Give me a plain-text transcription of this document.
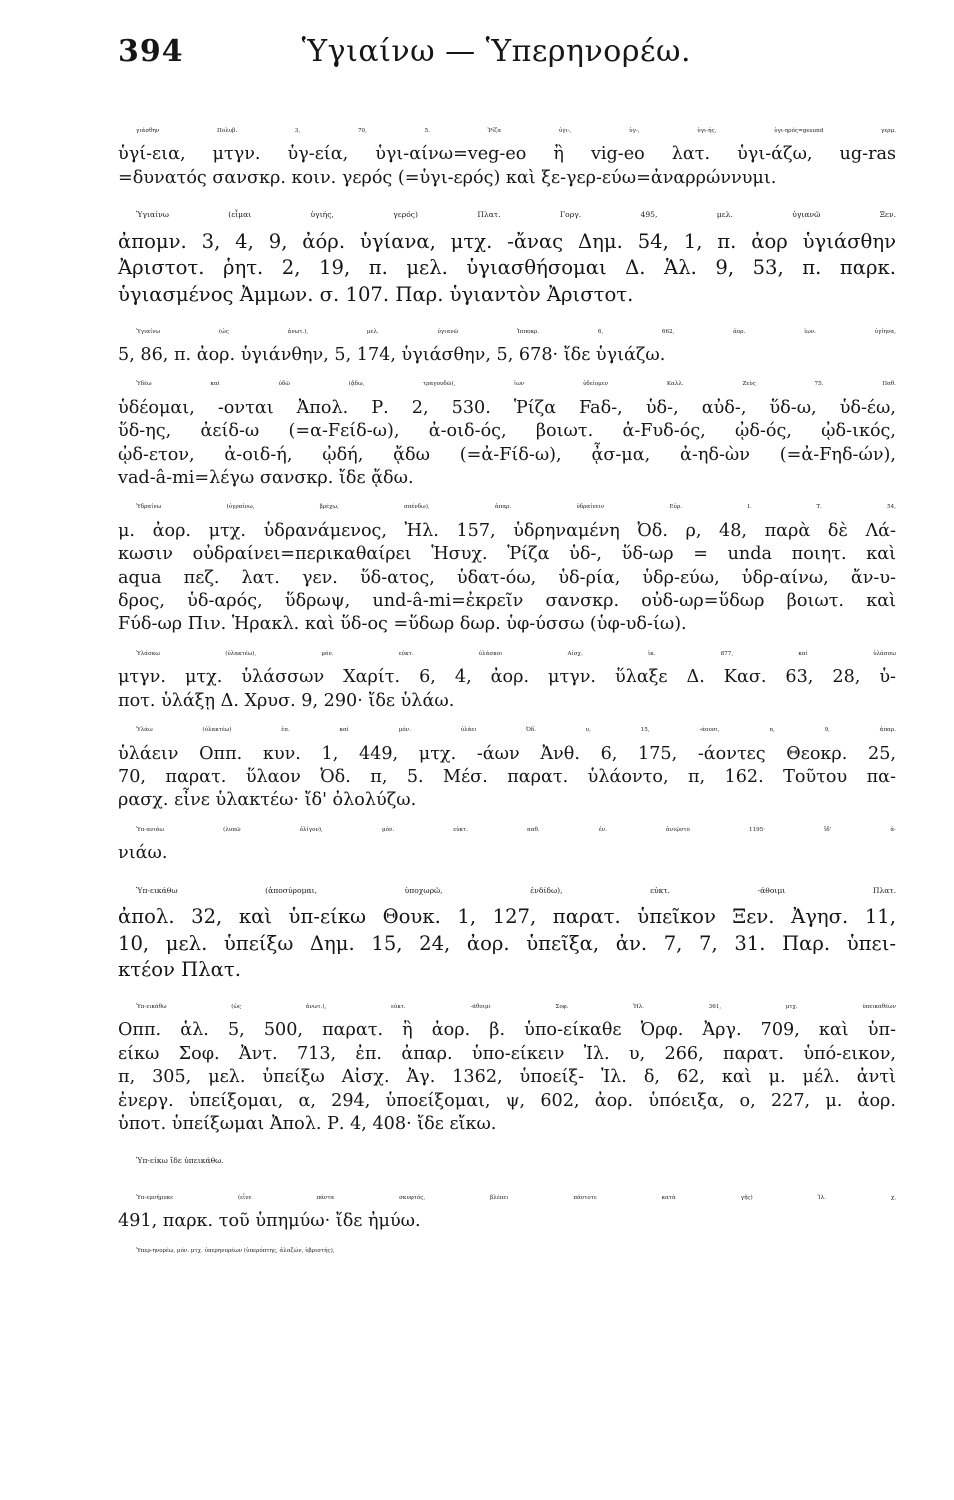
394	Ὑγιαίνω — Ὑπερηνορέω.
γιάσθην Πολυβ. 3, 70, 5. Ῥίζα ὑγι-, ὑγ-, ὑγι-ής, ὑγι-ηρός=gesund γερμ.
ὑγί-εια, μτγν. ὑγ-εία, ὑγι-αίνω=veg-eo ἢ vig-eo λατ. ὑγι-άζω, ug-ras
=δυνατός σανσκρ. κοιν. γερός (=ὑγι-ερός) καὶ ξε-γερ-εύω=ἀναρρώννυμι.
Ὑγιαίνω (εἶμαι ὑγιής, γερός) Πλατ. Γοργ. 495, μελ. ὑγιανῶ Ξεν.
ἀπομν. 3, 4, 9, ἀόρ. ὑγίανα, μτχ. -ἄνας Δημ. 54, 1, π. ἀορ ὑγιάσθην
Ἀριστοτ. ῥητ. 2, 19, π. μελ. ὑγιασθήσομαι Δ. Ἁλ. 9, 53, π. παρκ.
ὑγιασμένος Ἀμμων. σ. 107. Παρ. ὑγιαντὸν Ἀριστοτ.
Ὑγιαίνω (ὡς ἀνωτ.), μελ. ὑγιανῶ Ἱπποκρ. 6, 662, ἀορ. ἰων. ὑγίηνα,
5, 86, π. ἀορ. ὑγιάνθην, 5, 174, ὑγιάσθην, 5, 678· ἴδε ὑγιάζω.
Ὑδέω καὶ ὑδῶ (ᾄδω, τραγουδῶ), ἰων ὑδείομεν Καλλ. Ζεὺς 75. Παθ.
ὑδέομαι, -ονται Ἀπολ. Ρ. 2, 530. Ῥίζα Faδ-, ὑδ-, αὐδ-, ὕδ-ω, ὑδ-έω,
ὕδ-ης, ἀείδ-ω (=α-Fείδ-ω), ἀ-οιδ-ός, βοιωτ. ἀ-Fυδ-ός, ᾠδ-ός, ᾠδ-ικός,
ᾠδ-ετον, ἀ-οιδ-ή, ᾠδή, ᾄδω (=ἀ-Fίδ-ω), ᾆσ-μα, ἀ-ηδ-ὼν (=ἀ-Fηδ-ών),
vad-â-mi=λέγω σανσκρ. ἴδε ᾄδω.
Ὑδραίνω (ὑγραίνω, βρέχω, σπένδω), ἀπαρ. ὑδραίνειν Εὐρ. Ι. Τ. 54,
μ. ἀορ. μτχ. ὑδρανάμενος, Ἠλ. 157, ὑδρηναμένη Ὀδ. ρ, 48, παρὰ δὲ Λά-
κωσιν οὐδραίνει=περικαθαίρει Ἡσυχ. Ῥίζα ὑδ-, ὕδ-ωρ = unda ποιητ. καὶ
aqua πεζ. λατ. γεν. ὕδ-ατος, ὑδατ-όω, ὑδ-ρία, ὑδρ-εύω, ὑδρ-αίνω, ἄν-υ-
δρος, ὑδ-αρός, ὕδρωψ, und-â-mi=ἐκρεῖν σανσκρ. οὐδ-ωρ=ὕδωρ βοιωτ. καὶ
Fύδ-ωρ Πιν. Ἡρακλ. καὶ ὕδ-ος =ὕδωρ δωρ. ὑφ-ύσσω (ὑφ-υδ-ίω).
Ὑλάσκω (ὑλακτέω), μόν. εὐκτ. ὑλάσκοι Αἰσχ. ἱκ. 877, καὶ ὑλάσσω
μτγν. μτχ. ὑλάσσων Χαρίτ. 6, 4, ἀορ. μτγν. ὕλαξε Δ. Κασ. 63, 28, ὑ-
ποτ. ὑλάξῃ Δ. Χρυσ. 9, 290· ἴδε ὑλάω.
Ὑλάω (ὑλακτέω) ἐπ. καὶ μόν. ὑλάει Ὀδ. υ, 15, -άουσι, π, 9, ἀπαρ.
ὑλάειν Οππ. κυν. 1, 449, μτχ. -άων Ἀνθ. 6, 175, -άοντες Θεοκρ. 25,
70, παρατ. ὕλαον Ὀδ. π, 5. Μέσ. παρατ. ὑλάοντο, π, 162. Τοῦτου πα-
ρασχ. εἶνε ὑλακτέω· ἴδ' ὀλολύζω.
Ὑπ-ανιάω (λυπῶ ὀλίγον), μόν. εὐκτ. παθ. ἐν. ἀνιῷντο 1195· ἴδ' ἀ-
νιάω.
Ὑπ-εικάθω (ἀποσύρομαι, ὑποχωρῶ, ἐνδίδω), εὐκτ. -άθοιμι Πλατ.
ἀπολ. 32, καὶ ὑπ-είκω Θουκ. 1, 127, παρατ. ὑπεῖκον Ξεν. Ἀγησ. 11,
10, μελ. ὑπείξω Δημ. 15, 24, ἀορ. ὑπεῖξα, ἀν. 7, 7, 31. Παρ. ὑπει-
κτέον Πλατ.
Ὑπ-εικάθω (ὡς ἀνωτ.), εὐκτ. -άθοιμι Σοφ. Ἠλ. 361, μτχ. ὑπεικαθέων
Οππ. ἁλ. 5, 500, παρατ. ἢ ἀορ. β. ὑπο-είκαθε Ὀρφ. Ἀργ. 709, καὶ ὑπ-
είκω Σοφ. Ἀντ. 713, ἐπ. ἀπαρ. ὑπο-είκειν Ἰλ. υ, 266, παρατ. ὑπό-εικον,
π, 305, μελ. ὑπείξω Αἰσχ. Ἀγ. 1362, ὑποείξ- Ἰλ. δ, 62, καὶ μ. μέλ. ἀντὶ
ἐνεργ. ὑπείξομαι, α, 294, ὑποείξομαι, ψ, 602, ἀορ. ὑπόειξα, ο, 227, μ. ἀορ.
ὑποτ. ὑπείξωμαι Ἀπολ. Ρ. 4, 408· ἴδε εἴκω.
Ὑπ-είκω ἴδε ὑπεικάθω.
Ὑπ-εμνήμυκε (εἶνε πάντα σκυφτός, βλέπει πάντοτε κατὰ γῆς) Ἰλ. χ,
491, παρκ. τοῦ ὑπημύω· ἴδε ἠμύω.
Ὑπερ-ηνορέω, μόν. μτχ. ὑπερηνορέων (ὑπερόπτης, ἀλαζών, ὑβριστής),
